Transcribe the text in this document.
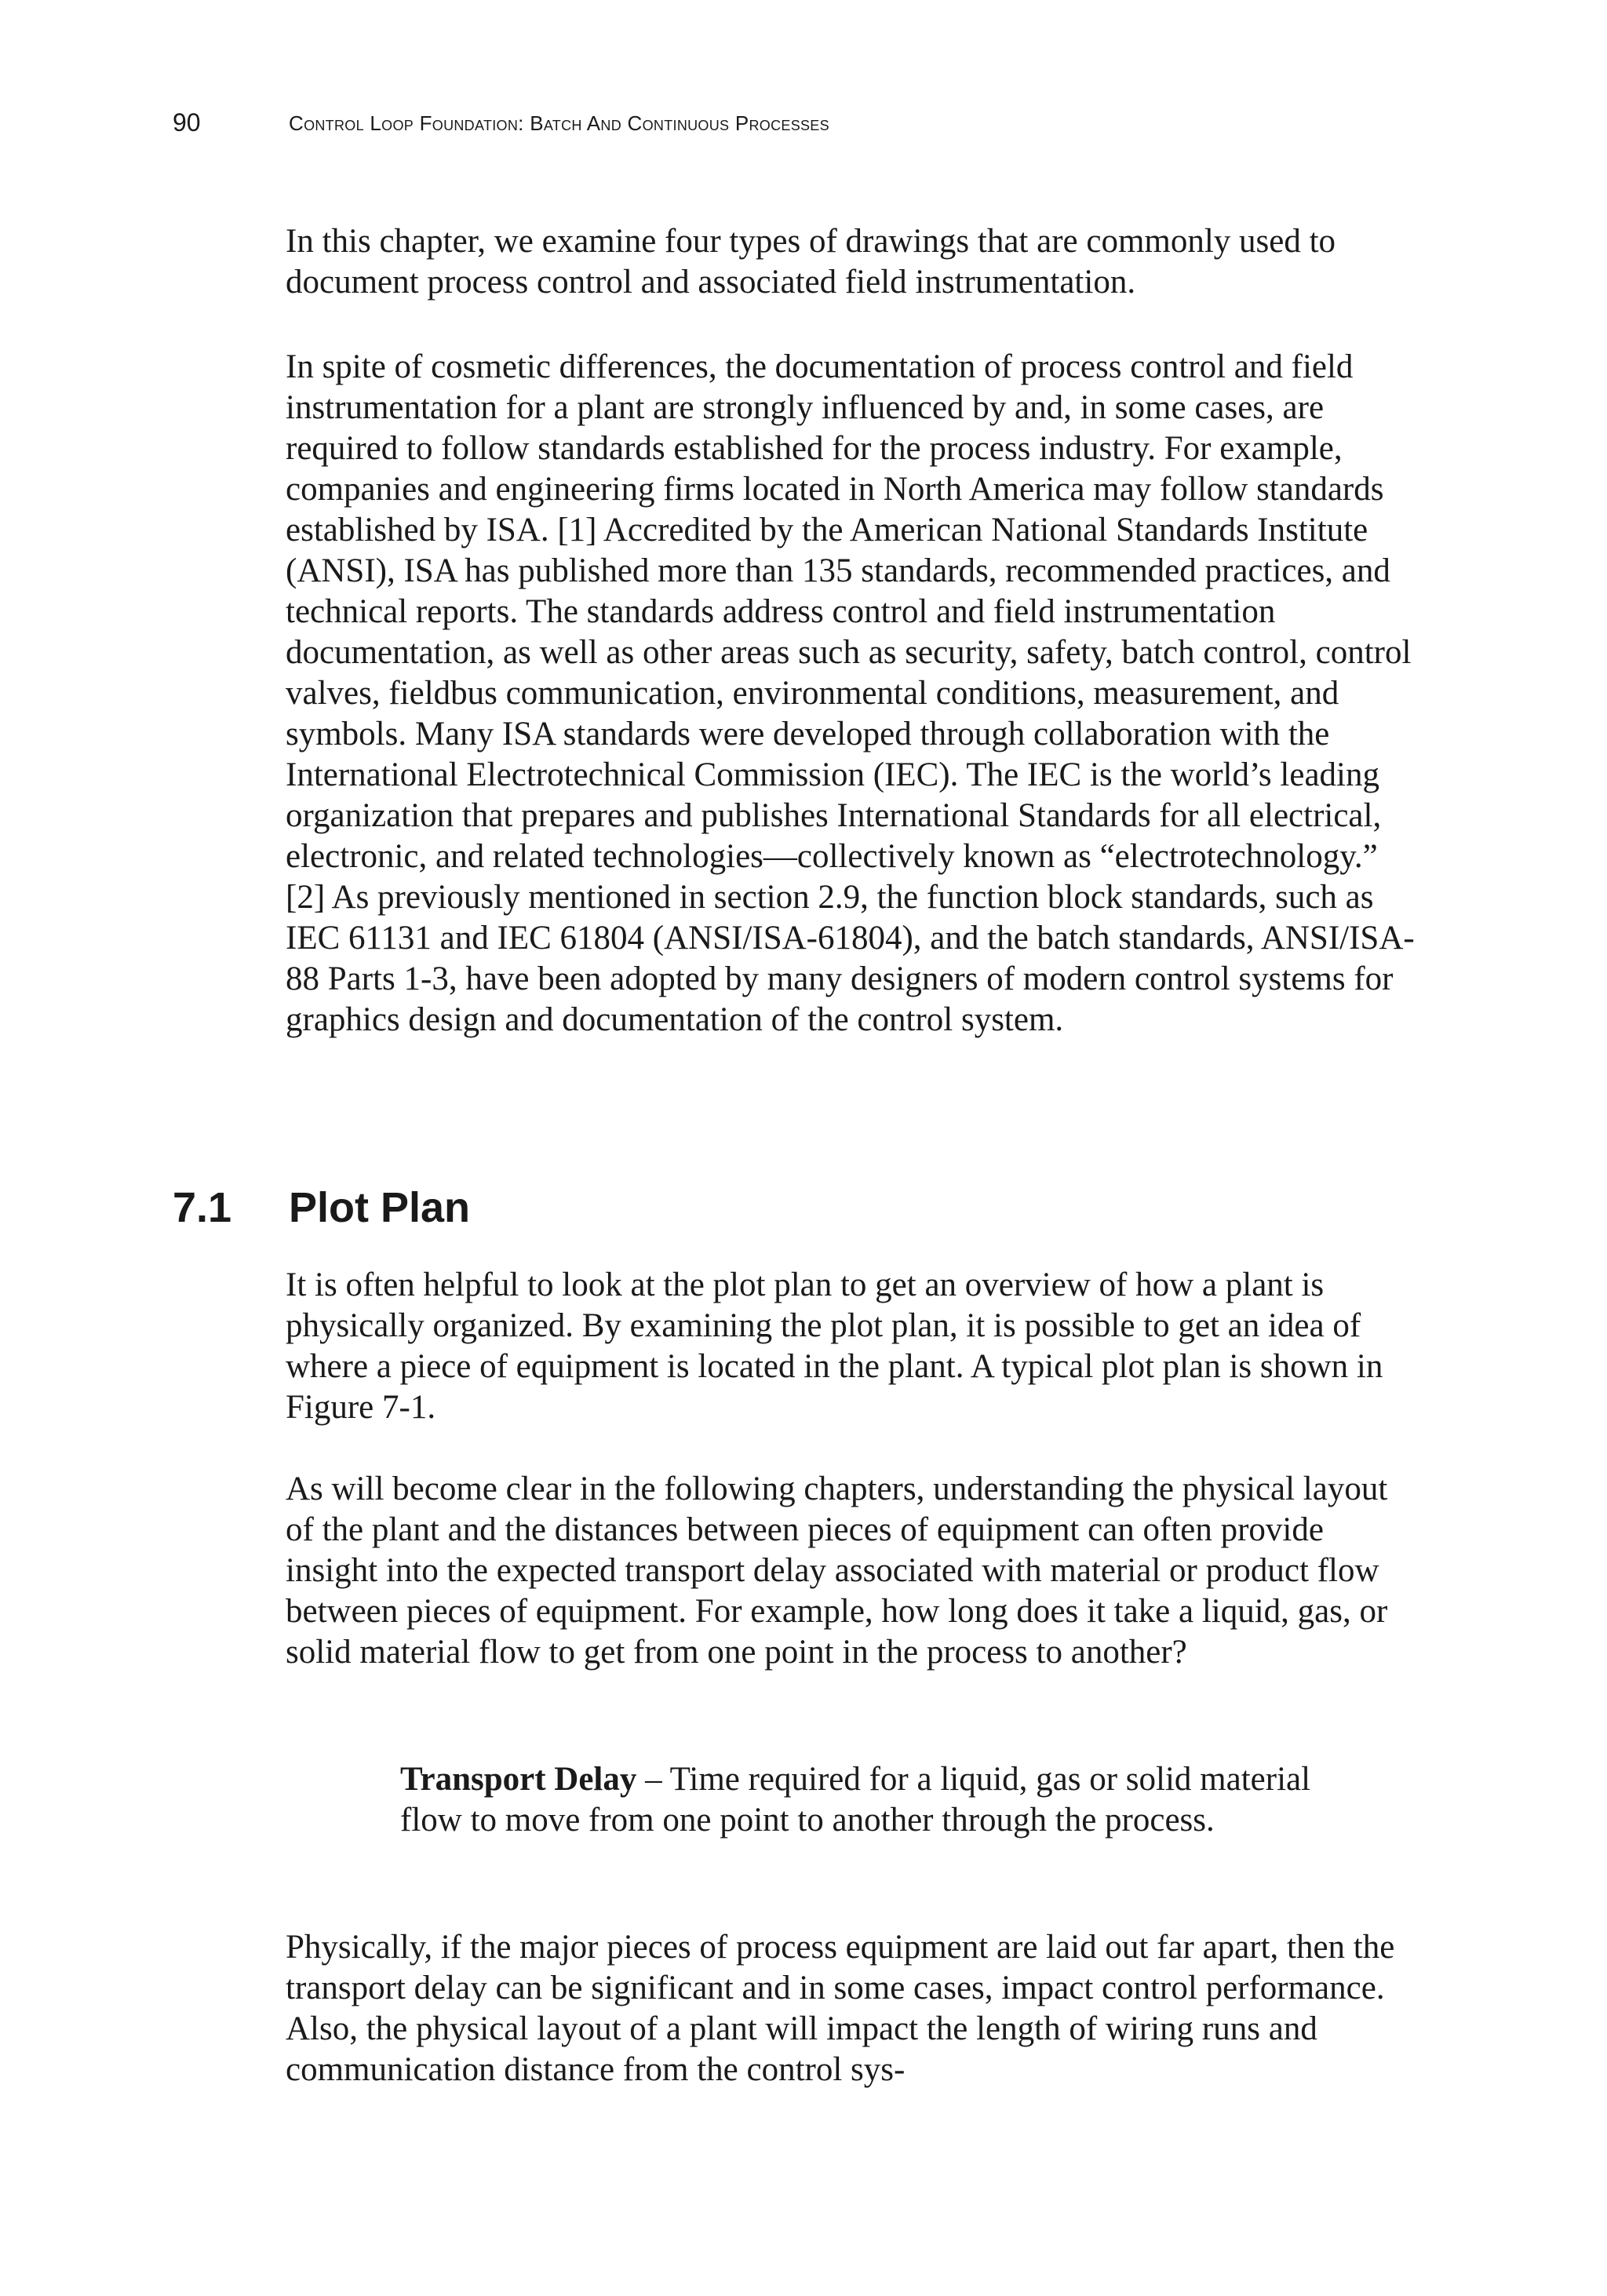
90	Control Loop Foundation: Batch And Continuous Processes

In this chapter, we examine four types of drawings that are commonly used to document process control and associated field instrumentation.

In spite of cosmetic differences, the documentation of process control and field instrumentation for a plant are strongly influenced by and, in some cases, are required to follow standards established for the process industry. For example, companies and engineering firms located in North America may follow standards established by ISA. [1] Accredited by the American National Standards Institute (ANSI), ISA has published more than 135 standards, recommended practices, and technical reports. The standards address control and field instrumentation documentation, as well as other areas such as security, safety, batch control, control valves, fieldbus communication, environmental conditions, measurement, and symbols. Many ISA standards were developed through collaboration with the International Electrotechnical Commission (IEC). The IEC is the world’s leading organization that prepares and publishes International Standards for all electrical, electronic, and related technologies—collectively known as “electrotechnology.” [2] As previously mentioned in section 2.9, the function block standards, such as IEC 61131 and IEC 61804 (ANSI/ISA-61804), and the batch standards, ANSI/ISA-88 Parts 1-3, have been adopted by many designers of modern control systems for graphics design and documentation of the control system.

7.1 Plot Plan

It is often helpful to look at the plot plan to get an overview of how a plant is physically organized. By examining the plot plan, it is possible to get an idea of where a piece of equipment is located in the plant. A typical plot plan is shown in Figure 7-1.

As will become clear in the following chapters, understanding the physical layout of the plant and the distances between pieces of equipment can often provide insight into the expected transport delay associated with material or product flow between pieces of equipment. For example, how long does it take a liquid, gas, or solid material flow to get from one point in the process to another?

Transport Delay – Time required for a liquid, gas or solid material flow to move from one point to another through the process.

Physically, if the major pieces of process equipment are laid out far apart, then the transport delay can be significant and in some cases, impact control performance. Also, the physical layout of a plant will impact the length of wiring runs and communication distance from the control sys-
